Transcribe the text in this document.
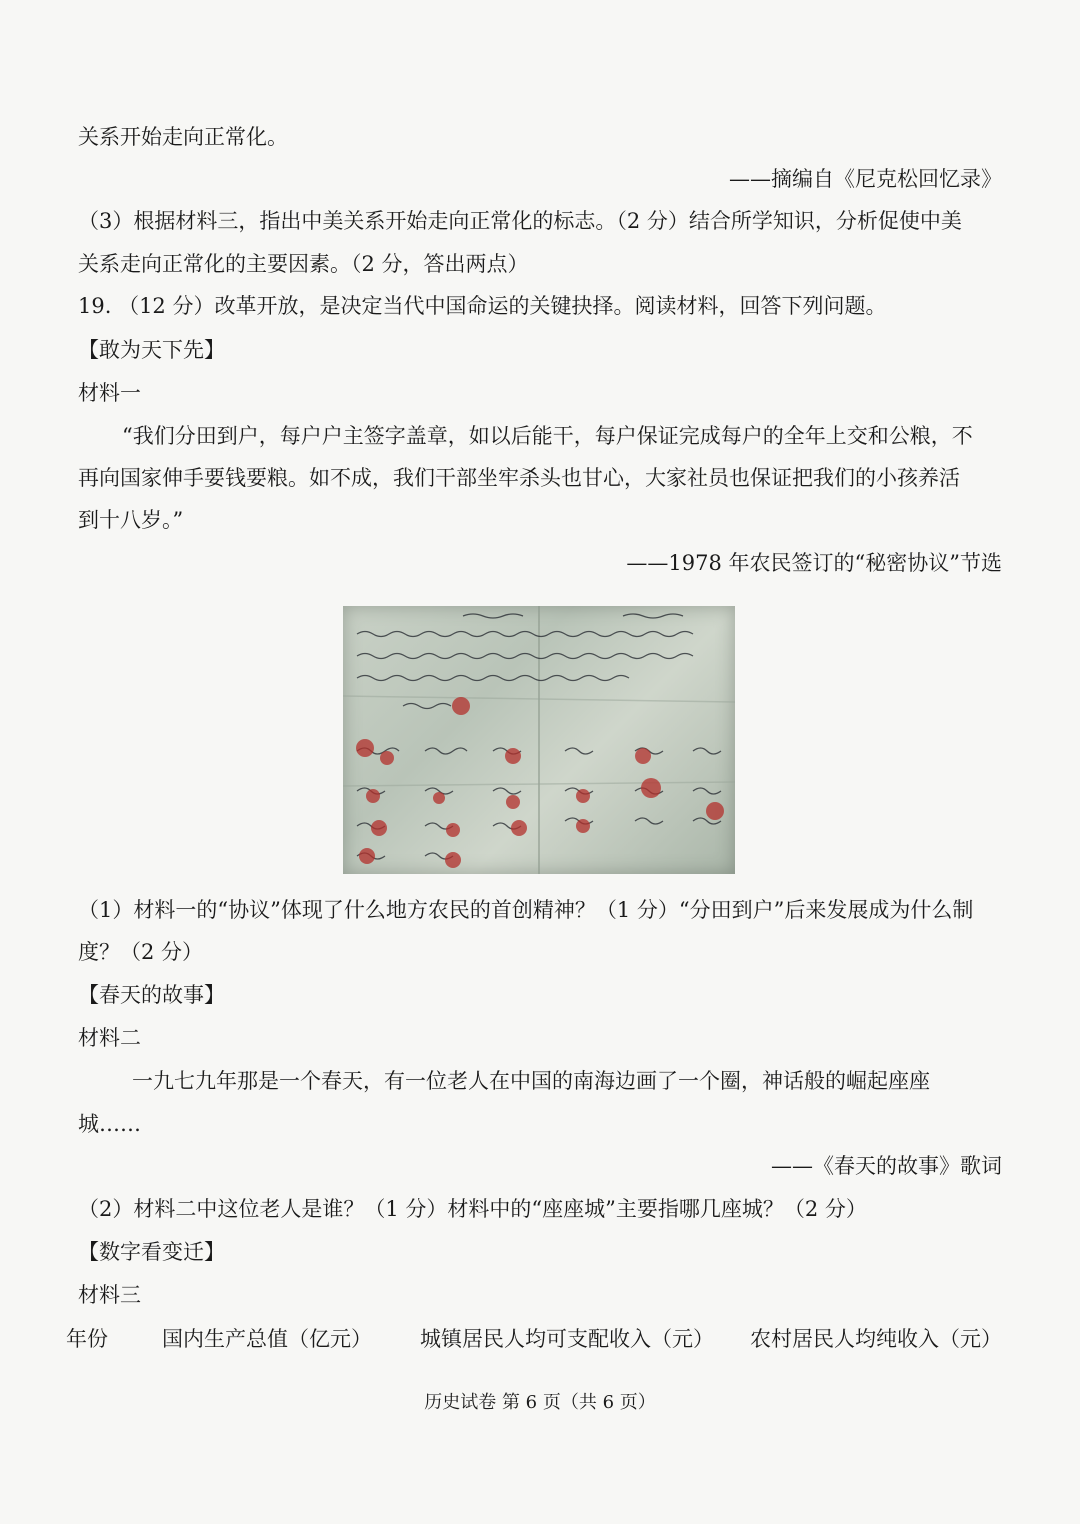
关系开始走向正常化。
——摘编自《尼克松回忆录》
（3）根据材料三，指出中美关系开始走向正常化的标志。（2 分）结合所学知识，分析促使中美
关系走向正常化的主要因素。（2 分，答出两点）
19. （12 分）改革开放，是决定当代中国命运的关键抉择。阅读材料，回答下列问题。
【敢为天下先】
材料一
“我们分田到户，每户户主签字盖章，如以后能干，每户保证完成每户的全年上交和公粮，不
再向国家伸手要钱要粮。如不成，我们干部坐牢杀头也甘心，大家社员也保证把我们的小孩养活
到十八岁。”
——1978 年农民签订的“秘密协议”节选
（1）材料一的“协议”体现了什么地方农民的首创精神？（1 分）“分田到户”后来发展成为什么制
度？（2 分）
【春天的故事】
材料二
一九七九年那是一个春天，有一位老人在中国的南海边画了一个圈，神话般的崛起座座
城……
——《春天的故事》歌词
（2）材料二中这位老人是谁？（1 分）材料中的“座座城”主要指哪几座城？（2 分）
【数字看变迁】
材料三
年份	国内生产总值（亿元） 城镇居民人均可支配收入（元） 农村居民人均纯收入（元）
历史试卷 第 6 页（共 6 页）
